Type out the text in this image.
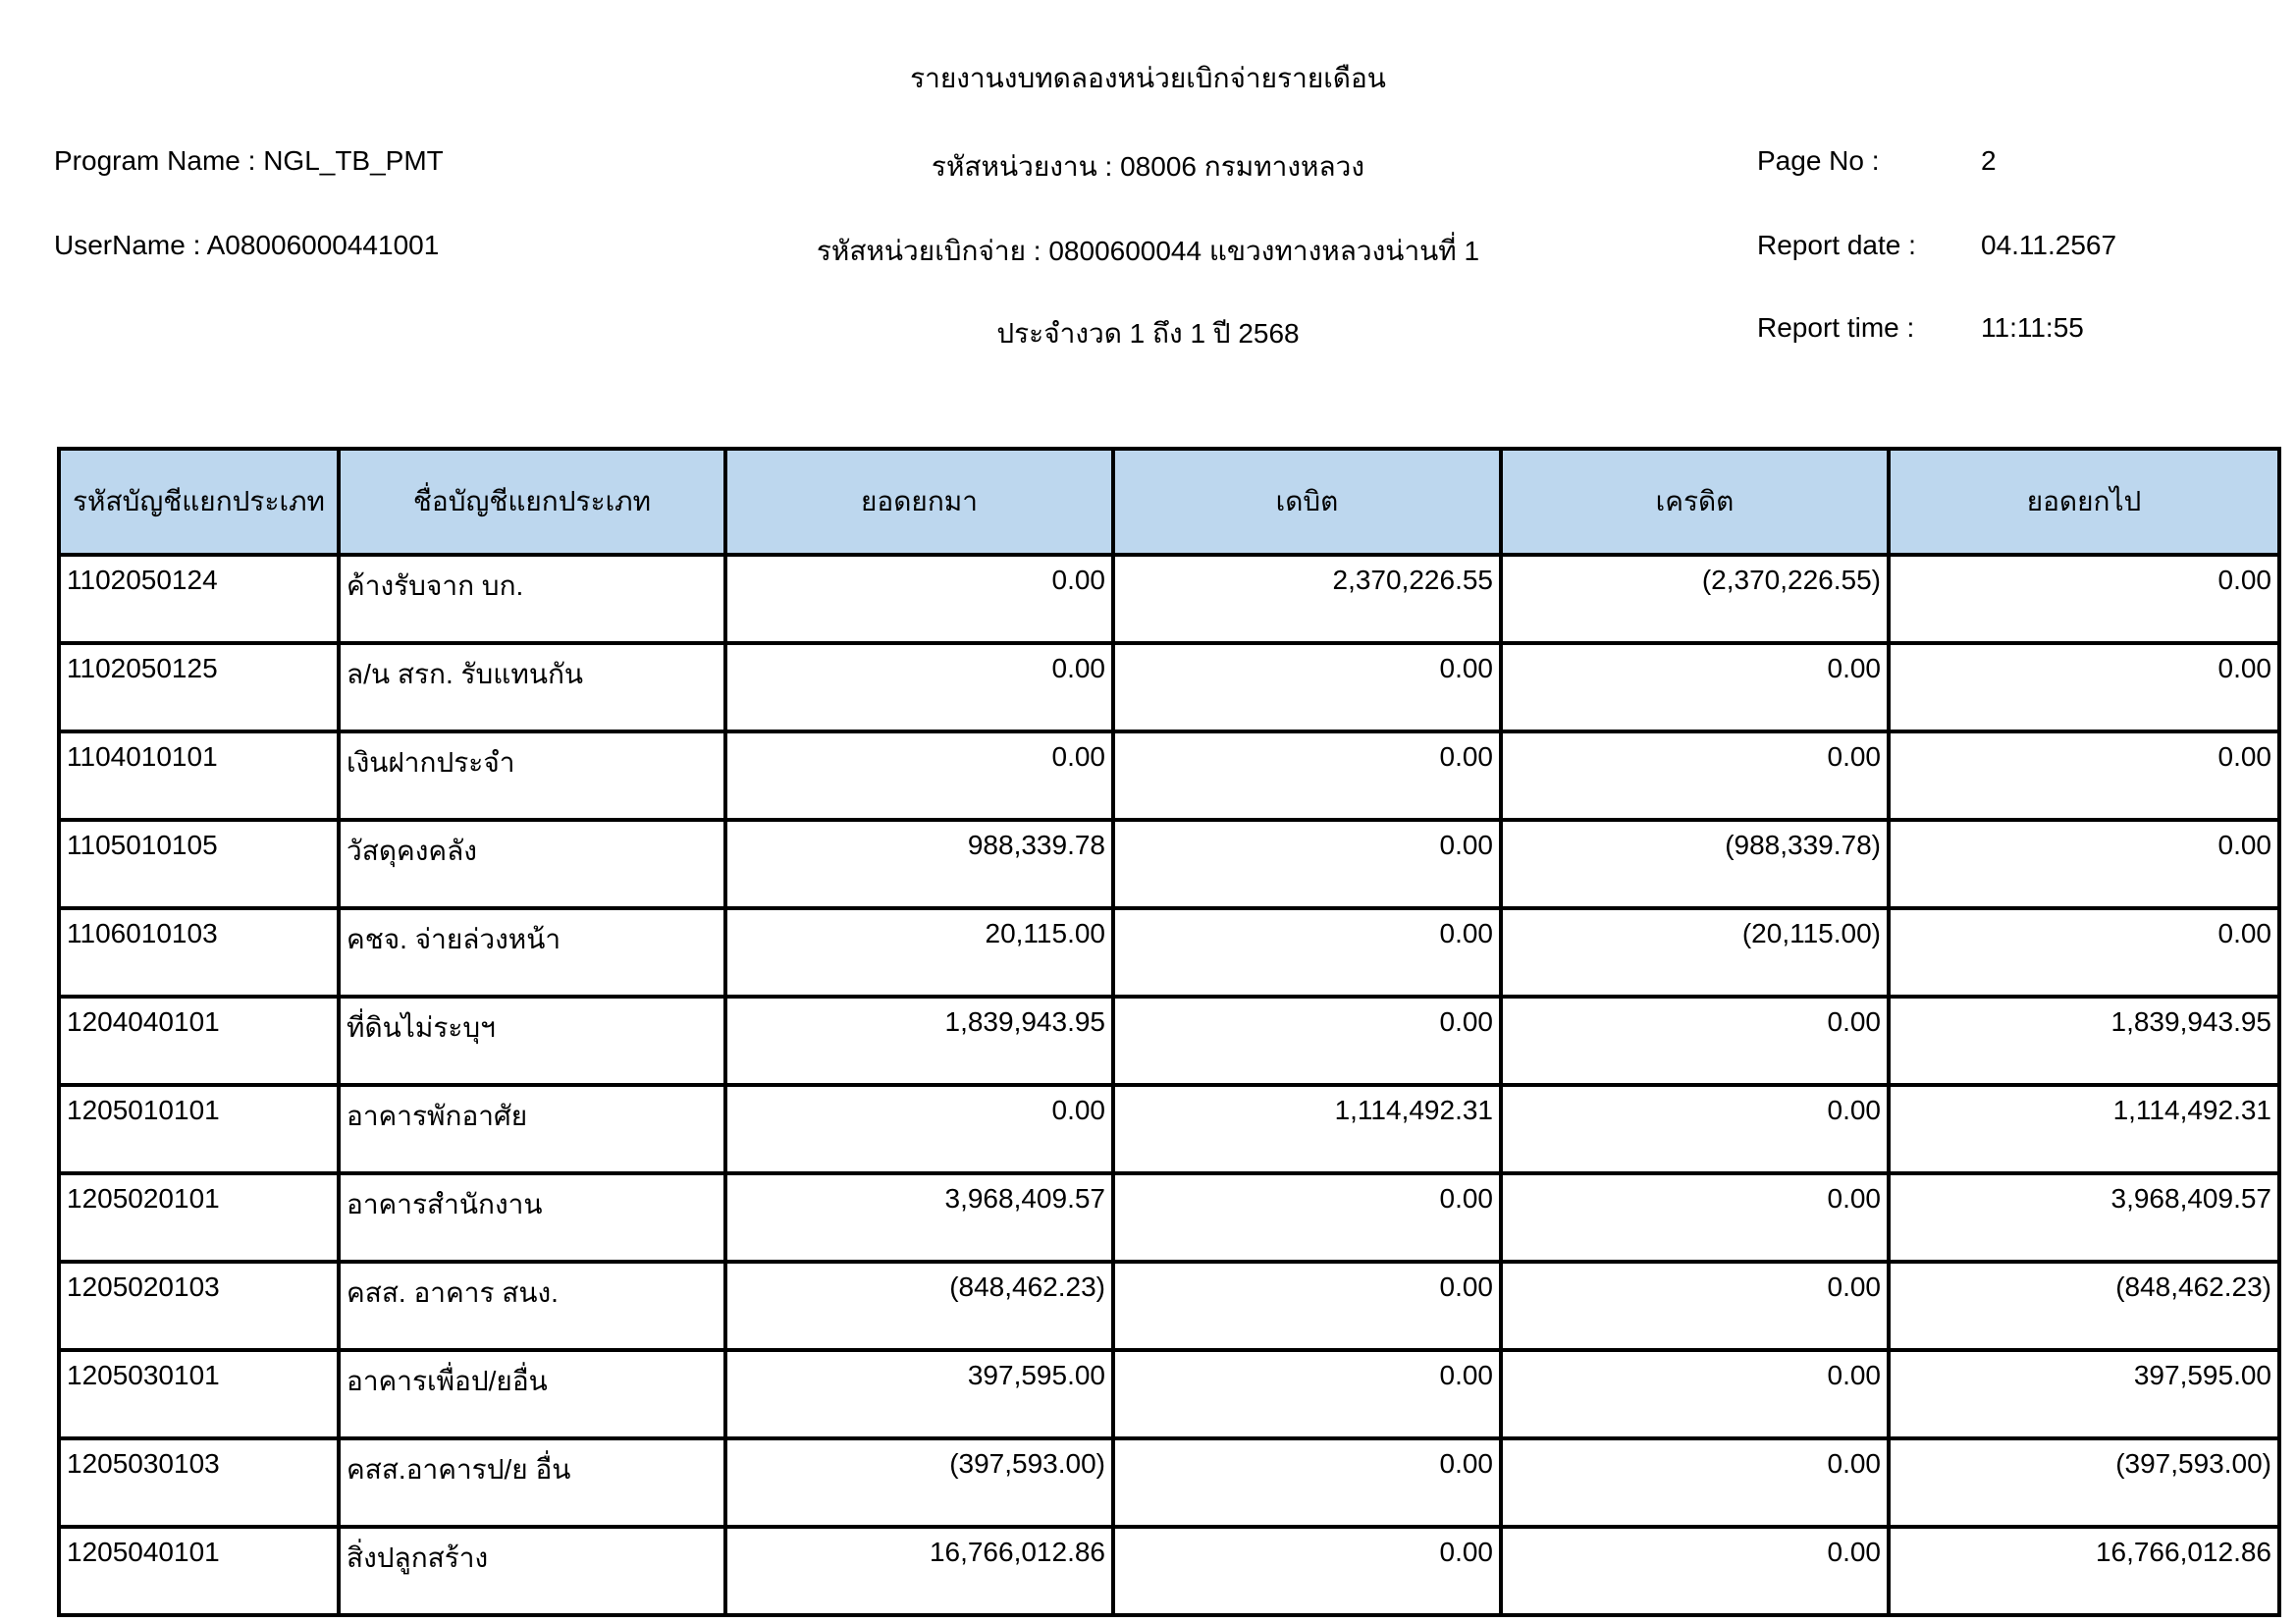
รายงานงบทดลองหน่วยเบิกจ่ายรายเดือน
Program Name : NGL_TB_PMT
UserName : A08006000441001
รหัสหน่วยงาน : 08006 กรมทางหลวง
รหัสหน่วยเบิกจ่าย : 0800600044 แขวงทางหลวงน่านที่ 1
ประจำงวด 1 ถึง 1 ปี 2568
Page No :	2
Report date : 04.11.2567
Report time : 11:11:55
รหัสบัญชีแยกประเภท	ชื่อบัญชีแยกประเภท	ยอดยกมา	เดบิต	เครดิต	ยอดยกไป
1102050124	ค้างรับจาก บก.	0.00	2,370,226.55	(2,370,226.55)	0.00
1102050125	ล/น สรก. รับแทนกัน	0.00	0.00	0.00	0.00
1104010101	เงินฝากประจำ	0.00	0.00	0.00	0.00
1105010105	วัสดุคงคลัง	988,339.78	0.00	(988,339.78)	0.00
1106010103	คชจ. จ่ายล่วงหน้า	20,115.00	0.00	(20,115.00)	0.00
1204040101	ที่ดินไม่ระบุฯ	1,839,943.95	0.00	0.00	1,839,943.95
1205010101	อาคารพักอาศัย	0.00	1,114,492.31	0.00	1,114,492.31
1205020101	อาคารสำนักงาน	3,968,409.57	0.00	0.00	3,968,409.57
1205020103	คสส. อาคาร สนง.	(848,462.23)	0.00	0.00	(848,462.23)
1205030101	อาคารเพื่อป/ยอื่น	397,595.00	0.00	0.00	397,595.00
1205030103	คสส.อาคารป/ย อื่น	(397,593.00)	0.00	0.00	(397,593.00)
1205040101	สิ่งปลูกสร้าง	16,766,012.86	0.00	0.00	16,766,012.86
